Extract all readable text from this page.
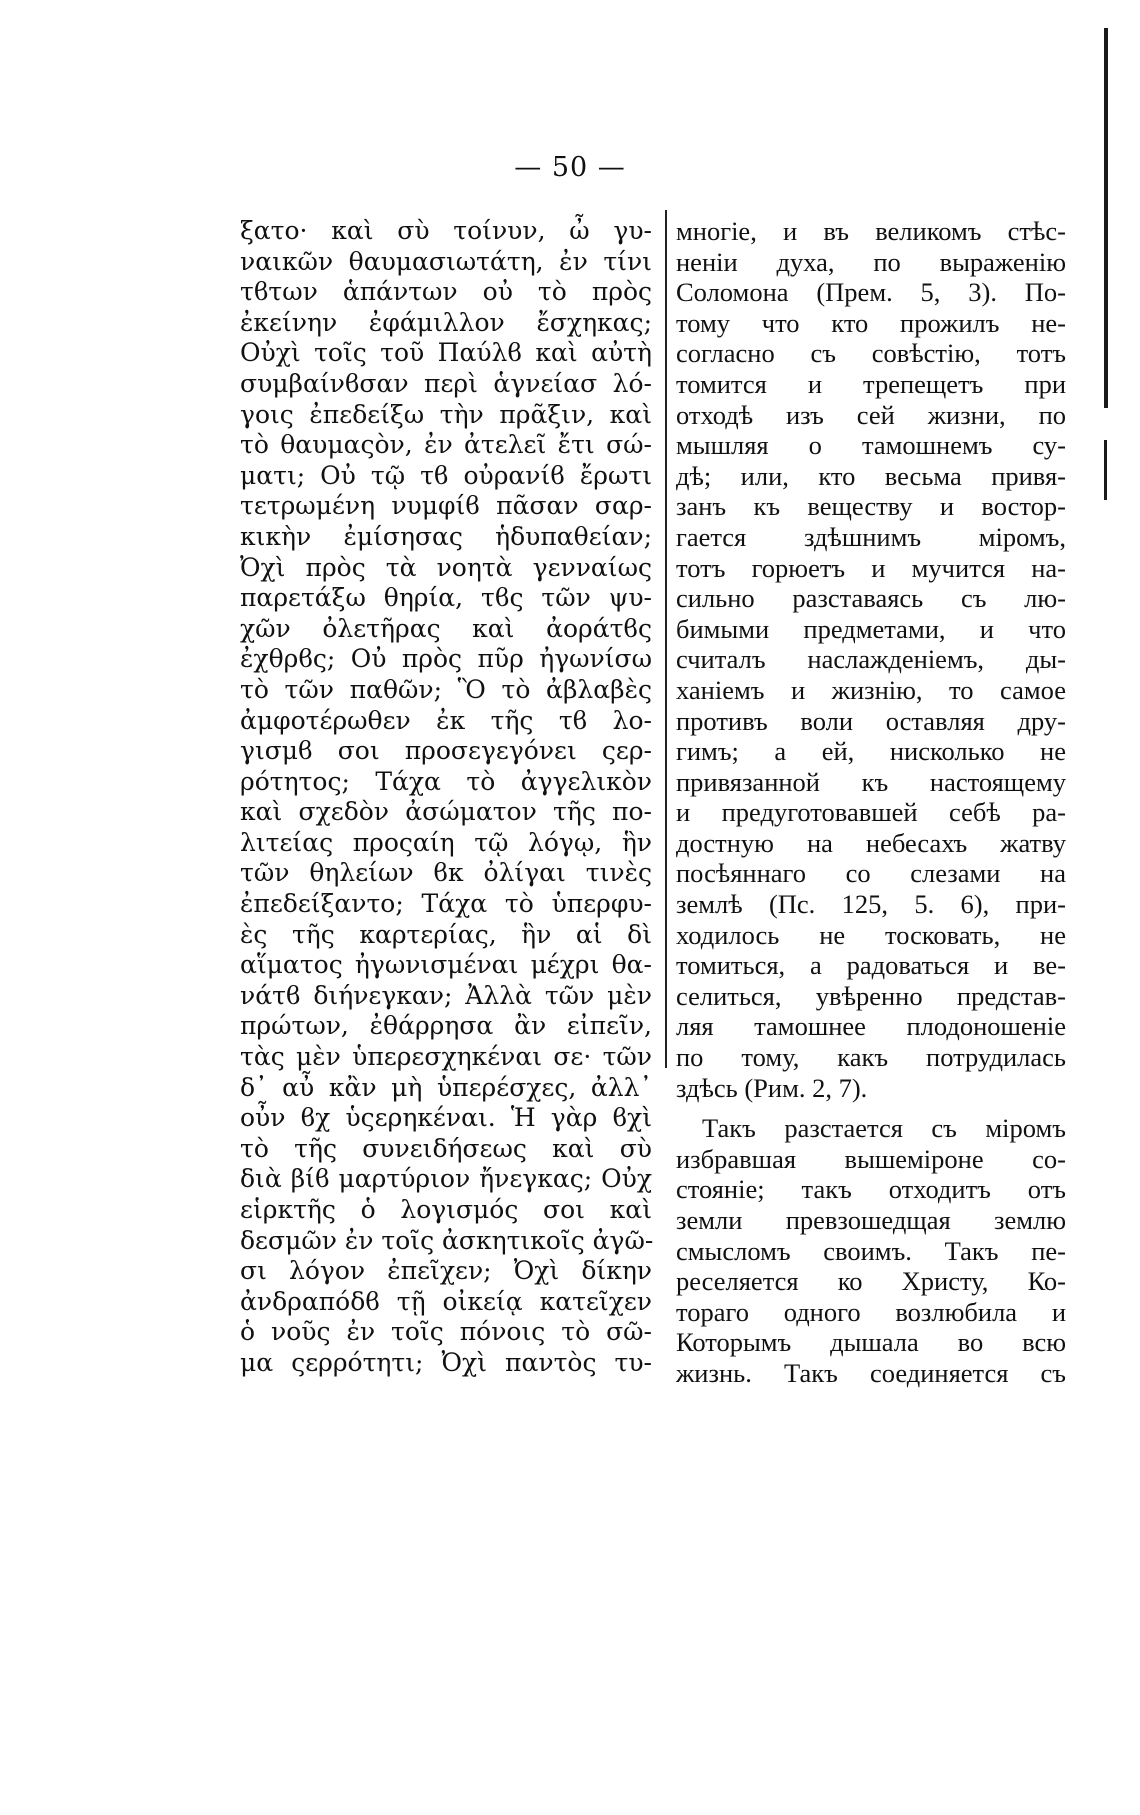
— 50 —
ξατο· καὶ σὺ τοίνυν, ὦ γυ-
ναικῶν θαυμασιωτάτη, ἐν τίνι
τϐτων ἁπάντων οὐ τὸ πρὸς
ἐκείνην ἐφάμιλλον ἔσχηκας;
Οὐχὶ τοῖς τοῦ Παύλϐ καὶ αὐτὴ
συμβαίνϐσαν περὶ ἁγνείασ λό-
γοις ἐπεδείξω τὴν πρᾶξιν, καὶ
τὸ θαυμαςὸν, ἐν ἀτελεῖ ἔτι σώ-
ματι; Οὐ τῷ τϐ οὐρανίϐ ἔρωτι
τετρωμένη νυμφίϐ πᾶσαν σαρ-
κικὴν ἐμίσησας ἡδυπαθείαν;
Ὀχὶ πρὸς τὰ νοητὰ γενναίως
παρετάξω θηρία, τϐς τῶν ψυ-
χῶν ὀλετῆρας καὶ ἀοράτϐς
ἐχθρϐς; Οὐ πρὸς πῦρ ἠγωνίσω
τὸ τῶν παθῶν; Ὃ τὸ ἀβλαβὲς
ἀμφοτέρωθεν ἐκ τῆς τϐ λο-
γισμϐ σοι προσεγεγόνει ςερ-
ρότητος; Τάχα τὸ ἀγγελικὸν
καὶ σχεδὸν ἀσώματον τῆς πο-
λιτείας προςαίη τῷ λόγῳ, ἣν
τῶν θηλείων ϐκ ὀλίγαι τινὲς
ἐπεδείξαντο; Τάχα τὸ ὑπερφυ-
ὲς τῆς καρτερίας, ἣν αἱ δὶ
αἵματος ἠγωνισμέναι μέχρι θα-
νάτϐ διήνεγκαν; Ἀλλὰ τῶν μὲν
πρώτων, ἐθάρρησα ἂν εἰπεῖν,
τὰς μὲν ὑπερεσχηκέναι σε· τῶν
δ᾽ αὖ κἂν μὴ ὑπερέσχες, ἀλλ᾽
οὖν ϐχ ὑςερηκέναι. Ἡ γὰρ ϐχὶ
τὸ τῆς συνειδήσεως καὶ σὺ
διὰ βίϐ μαρτύριον ἤνεγκας; Οὐχ
εἱρκτῆς ὁ λογισμός σοι καὶ
δεσμῶν ἐν τοῖς ἀσκητικοῖς ἀγῶ-
σι λόγον ἐπεῖχεν; Ὀχὶ δίκην
ἀνδραπόδϐ τῇ οἰκείᾳ κατεῖχεν
ὁ νοῦς ἐν τοῖς πόνοις τὸ σῶ-
μα ςερρότητι; Ὀχὶ παντὸς τυ-
многіе, и въ великомъ стѣс-
неніи духа, по выраженію
Соломона (Прем. 5, 3). По-
тому что кто прожилъ не-
согласно съ совѣстію, тотъ
томится и трепещетъ при
отходѣ изъ сей жизни, по
мышляя о тамошнемъ су-
дѣ; или, кто весьма привя-
занъ къ веществу и востор-
гается здѣшнимъ міромъ,
тотъ горюетъ и мучится на-
сильно разставаясь съ лю-
бимыми предметами, и что
считалъ наслажденіемъ, ды-
ханіемъ и жизнію, то самое
противъ воли оставляя дру-
гимъ; а ей, нисколько не
привязанной къ настоящему
и предуготовавшей себѣ ра-
достную на небесахъ жатву
посѣяннаго со слезами на
землѣ (Пс. 125, 5. 6), при-
ходилось не тосковать, не
томиться, а радоваться и ве-
селиться, увѣренно представ-
ляя тамошнее плодоношеніе
по тому, какъ потрудилась
здѣсь (Рим. 2, 7).
Такъ разстается съ міромъ
избравшая вышеміроне со-
стояніе; такъ отходитъ отъ
земли превзошедщая землю
смысломъ своимъ. Такъ пе-
реселяется ко Христу, Ко-
тораго одного возлюбила и
Которымъ дышала во всю
жизнь. Такъ соединяется съ
